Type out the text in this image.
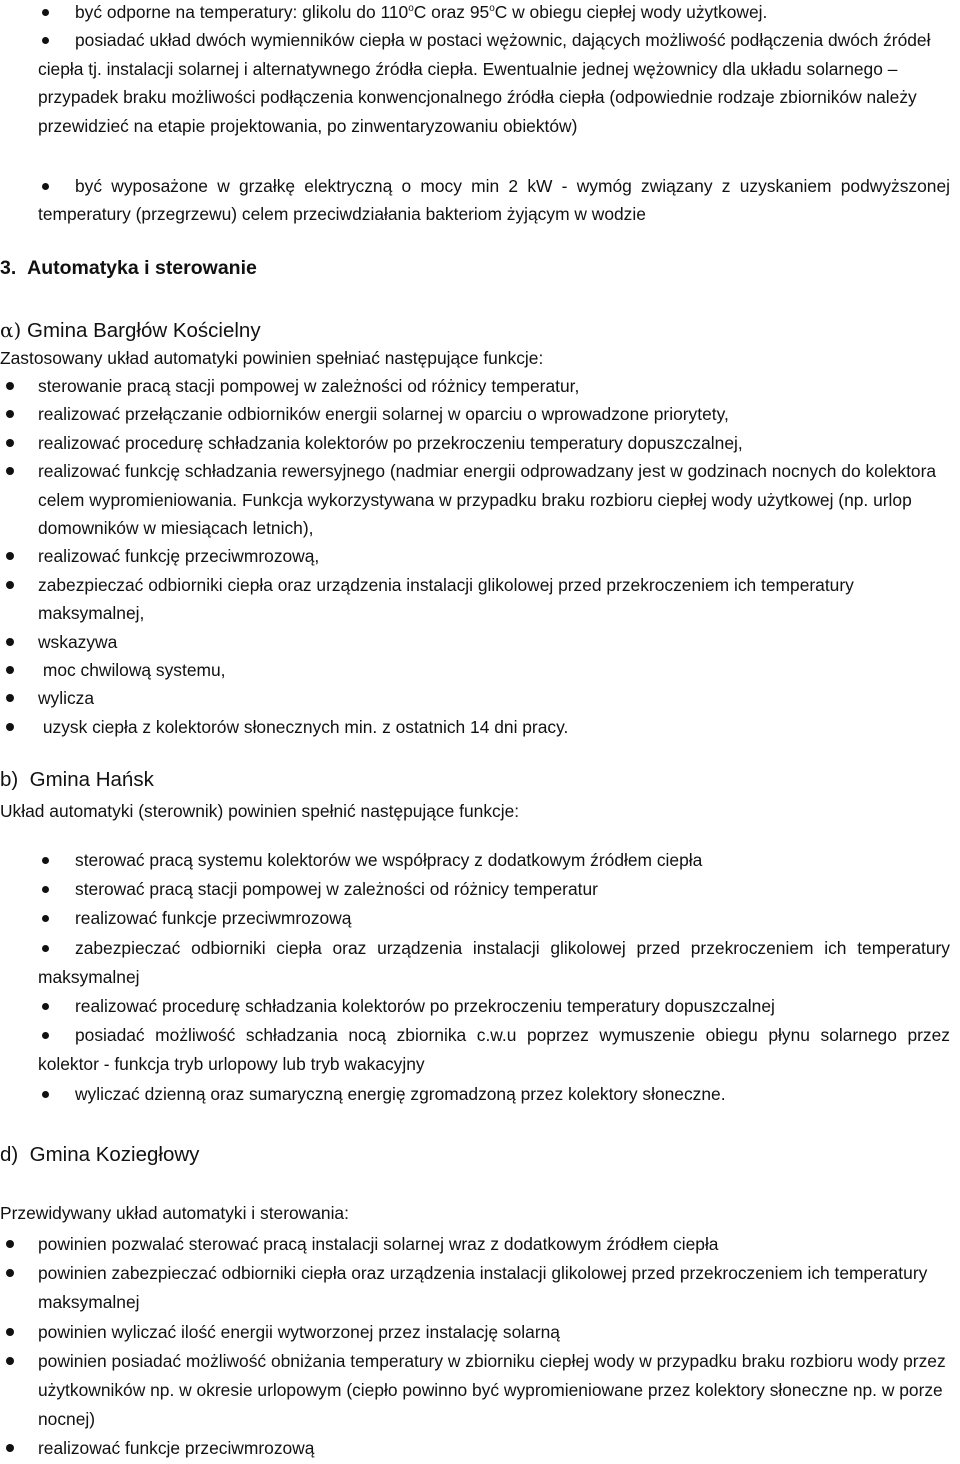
być odporne na temperatury: glikolu do 110$^o$C oraz 95$^o$C w obiegu ciepłej wody użytkowej.
posiadać układ dwóch wymienników ciepła w postaci wężownic, dających możliwość podłączenia dwóch źródeł ciepła tj. instalacji solarnej i alternatywnego źródła ciepła. Ewentualnie jednej wężownicy dla układu solarnego – przypadek braku możliwości podłączenia konwencjonalnego źródła ciepła (odpowiednie rodzaje zbiorników należy przewidzieć na etapie projektowania, po zinwentaryzowaniu obiektów)
być wyposażone w grzałkę elektryczną o mocy min 2 kW - wymóg związany z uzyskaniem podwyższonej temperatury (przegrzewu) celem przeciwdziałania bakteriom żyjącym w wodzie
3. Automatyka i sterowanie
α) Gmina Bargłów Kościelny
Zastosowany układ automatyki powinien spełniać następujące funkcje:
sterowanie pracą stacji pompowej w zależności od różnicy temperatur,
realizować przełączanie odbiorników energii solarnej w oparciu o wprowadzone priorytety,
realizować procedurę schładzania kolektorów po przekroczeniu temperatury dopuszczalnej,
realizować funkcję schładzania rewersyjnego (nadmiar energii odprowadzany jest w godzinach nocnych do kolektora celem wypromieniowania. Funkcja wykorzystywana w przypadku braku rozbioru ciepłej wody użytkowej (np. urlop domowników w miesiącach letnich),
realizować funkcję przeciwmrozową,
zabezpieczać odbiorniki ciepła oraz urządzenia instalacji glikolowej przed przekroczeniem ich temperatury maksymalnej,
wskazywa
moc chwilową systemu,
wylicza
uzysk ciepła z kolektorów słonecznych min. z ostatnich 14 dni pracy.
b) Gmina Hańsk
Układ automatyki (sterownik) powinien spełnić następujące funkcje:
sterować pracą systemu kolektorów we współpracy z dodatkowym źródłem ciepła
sterować pracą stacji pompowej w zależności od różnicy temperatur
realizować funkcje przeciwmrozową
zabezpieczać odbiorniki ciepła oraz urządzenia instalacji glikolowej przed przekroczeniem ich temperatury maksymalnej
realizować procedurę schładzania kolektorów po przekroczeniu temperatury dopuszczalnej
posiadać możliwość schładzania nocą zbiornika c.w.u poprzez wymuszenie obiegu płynu solarnego przez kolektor - funkcja tryb urlopowy lub tryb wakacyjny
wyliczać dzienną oraz sumaryczną energię zgromadzoną przez kolektory słoneczne.
d) Gmina Koziegłowy
Przewidywany układ automatyki i sterowania:
powinien pozwalać sterować pracą instalacji solarnej wraz z dodatkowym źródłem ciepła
powinien zabezpieczać odbiorniki ciepła oraz urządzenia instalacji glikolowej przed przekroczeniem ich temperatury maksymalnej
powinien wyliczać ilość energii wytworzonej przez instalację solarną
powinien posiadać możliwość obniżania temperatury w zbiorniku ciepłej wody w przypadku braku rozbioru wody przez użytkowników np. w okresie urlopowym (ciepło powinno być wypromieniowane przez kolektory słoneczne np. w porze nocnej)
realizować funkcje przeciwmrozową
